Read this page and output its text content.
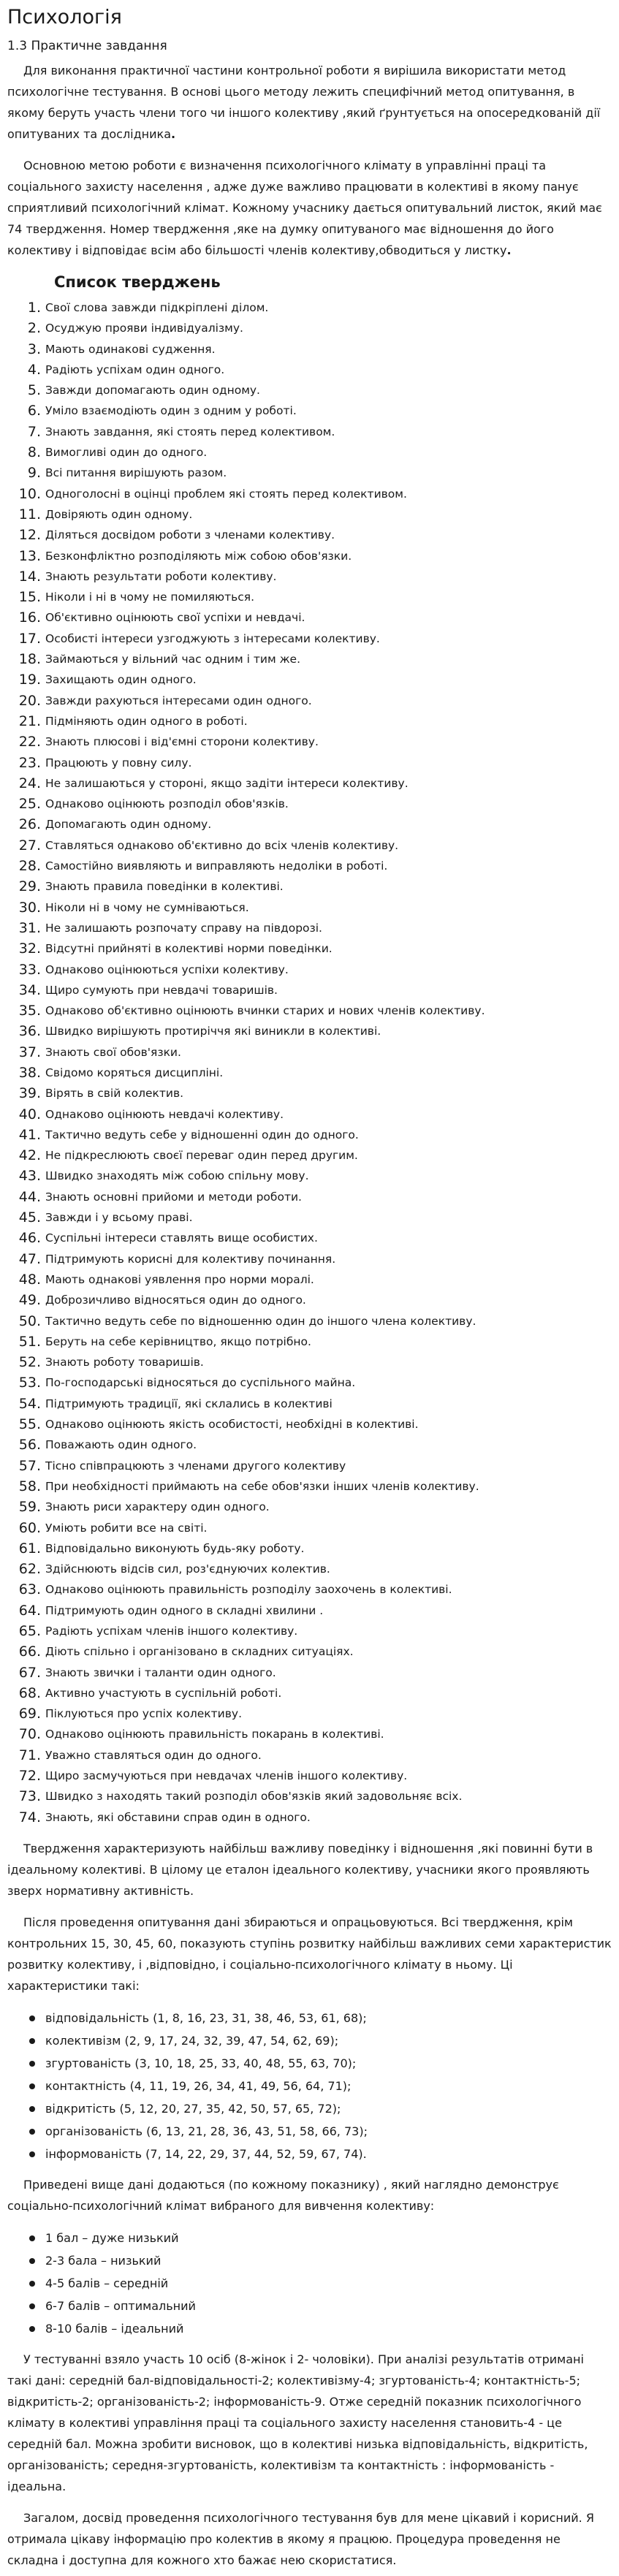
Психологія
1.3 Практичне завдання

Для виконання практичної частини контрольної роботи я вирішила використати метод психологічне тестування. В основі цього методу лежить специфічний метод опитування, в якому беруть участь члени того чи іншого колективу ,який ґрунтується на опосередкованій дії опитуваних та дослідника.

Основною метою роботи є визначення психологічного клімату в управлінні праці та соціального захисту населення , адже дуже важливо працювати в колективі в якому панує сприятливий психологічний клімат. Кожному учаснику дається опитувальний листок, який має 74 твердження. Номер твердження ,яке на думку опитуваного має відношення до його колективу і відповідає всім або більшості членів колективу,обводиться у листку.

Список тверджень
Свої слова завжди підкріплені ділом.
Осуджую прояви індивідуалізму.
Мають одинакові судження.
Радіють успіхам один одного.
Завжди допомагають один одному.
Уміло взаємодіють один з одним у роботі.
Знають завдання, які стоять перед колективом.
Вимогливі один до одного.
Всі питання вирішують разом.
Одноголосні в оцінці проблем які стоять перед колективом.
Довіряють один одному.
Діляться досвідом роботи з членами колективу.
Безконфліктно розподіляють між собою обов'язки.
Знають результати роботи колективу.
Ніколи і ні в чому не помиляються.
Об'єктивно оцінюють свої успіхи и невдачі.
Особисті інтереси узгоджують з інтересами колективу.
Займаються у вільний час одним і тим же.
Захищають один одного.
Завжди рахуються інтересами один одного.
Підміняють один одного в роботі.
Знають плюсові і від'ємні сторони колективу.
Працюють у повну силу.
Не залишаються у стороні, якщо задіти інтереси колективу.
Однаково оцінюють розподіл обов'язків.
Допомагають один одному.
Ставляться однаково об'єктивно до всіх членів колективу.
Самостійно виявляють и виправляють недоліки в роботі.
Знають правила поведінки в колективі.
Ніколи ні в чому не сумніваються.
Не залишають розпочату справу на півдорозі.
Відсутні прийняті в колективі норми поведінки.
Однаково оцінюються успіхи колективу.
Щиро сумують при невдачі товаришів.
Однаково об'єктивно оцінюють вчинки старих и нових членів колективу.
Швидко вирішують протиріччя які виникли в колективі.
Знають свої обов'язки.
Свідомо коряться дисципліні.
Вірять в свій колектив.
Однаково оцінюють невдачі колективу.
Тактично ведуть себе у відношенні один до одного.
Не підкреслюють своєї переваг один перед другим.
Швидко знаходять між собою спільну мову.
Знають основні прийоми и методи роботи.
Завжди і у всьому праві.
Суспільні інтереси ставлять вище особистих.
Підтримують корисні для колективу починання.
Мають однакові уявлення про норми моралі.
Доброзичливо відносяться один до одного.
Тактично ведуть себе по відношенню один до іншого члена колективу.
Беруть на себе керівництво, якщо потрібно.
Знають роботу товаришів.
По-господарські відносяться до суспільного майна.
Підтримують традиції, які склались в колективі
Однаково оцінюють якість особистості, необхідні в колективі.
Поважають один одного.
Тісно співпрацюють з членами другого колективу
При необхідності приймають на себе обов'язки інших членів колективу.
Знають риси характеру один одного.
Уміють робити все на світі.
Відповідально виконують будь-яку роботу.
Здійснюють відсів сил, роз'єднуючих колектив.
Однаково оцінюють правильність розподілу заохочень в колективі.
Підтримують один одного в складні хвилини .
Радіють успіхам членів іншого колективу.
Діють спільно і організовано в складних ситуаціях.
Знають звички і таланти один одного.
Активно участують в суспільній роботі.
Піклуються про успіх колективу.
Однаково оцінюють правильність покарань в колективі.
Уважно ставляться один до одного.
Щиро засмучуються при невдачах членів іншого колективу.
Швидко з находять такий розподіл обов'язків який задовольняє всіх.
Знають, які обставини справ один в одного.

Твердження характеризують найбільш важливу поведінку і відношення ,які повинні бути в ідеальному колективі. В цілому це еталон ідеального колективу, учасники якого проявляють зверх нормативну активність.

Після проведення опитування дані збираються и опрацьовуються. Всі твердження, крім контрольних 15, 30, 45, 60, показують ступінь розвитку найбільш важливих семи характеристик розвитку колективу, і ,відповідно, і соціально-психологічного клімату в ньому. Ці характеристики такі:

відповідальність (1, 8, 16, 23, 31, 38, 46, 53, 61, 68);
колективізм (2, 9, 17, 24, 32, 39, 47, 54, 62, 69);
згуртованість (3, 10, 18, 25, 33, 40, 48, 55, 63, 70);
контактність (4, 11, 19, 26, 34, 41, 49, 56, 64, 71);
відкритість (5, 12, 20, 27, 35, 42, 50, 57, 65, 72);
організованість (6, 13, 21, 28, 36, 43, 51, 58, 66, 73);
інформованість (7, 14, 22, 29, 37, 44, 52, 59, 67, 74).

Приведені вище дані додаються (по кожному показнику) , який наглядно демонструє соціально-психологічний клімат вибраного для вивчення колективу:

1 бал – дуже низький
2-3 бала – низький
4-5 балів – середній
6-7 балів – оптимальний
8-10 балів – ідеальний

У тестуванні взяло участь 10 осіб (8-жінок і 2- чоловіки). При аналізі результатів отримані такі дані: середній бал-відповідальності-2; колективізму-4; згуртованість-4; контактність-5; відкритість-2; організованість-2; інформованість-9. Отже середній показник психологічного клімату в колективі управління праці та соціального захисту населення становить-4 - це середній бал. Можна зробити висновок, що в колективі низька відповідальність, відкритість, організованість; середня-згуртованість, колективізм та контактність : інформованість - ідеальна.

Загалом, досвід проведення психологічного тестування був для мене цікавий і корисний. Я отримала цікаву інформацію про колектив в якому я працюю. Процедура проведення не складна і доступна для кожного хто бажає нею скористатися.
